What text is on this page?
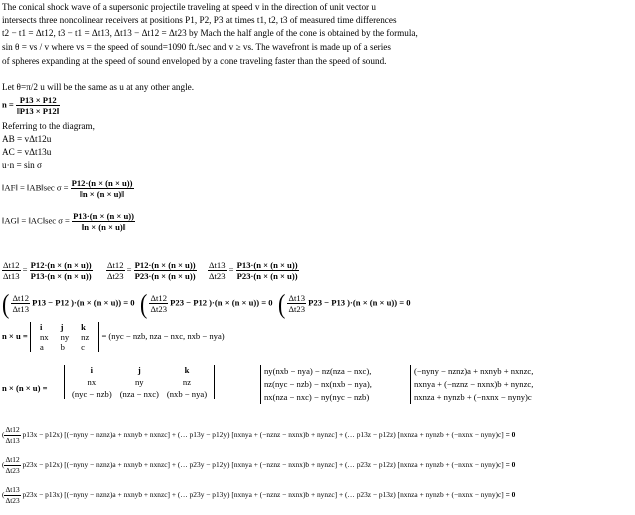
The conical shock wave of a supersonic projectile traveling at speed v in the direction of unit vector u
intersects three noncolinear receivers at positions P1, P2, P3 at times t1, t2, t3 of measured time differences
t2 − t1 = Δt12, t3 − t1 = Δt13, Δt13 − Δt12 = Δt23 by Mach the half angle of the cone is obtained by the formula,
sin θ = vs / v where vs = the speed of sound=1090 ft./sec and v ≥ vs. The wavefront is made up of a series
of spheres expanding at the speed of sound enveloped by a cone traveling faster than the speed of sound.
Let θ=π/2 u will be the same as u at any other angle.
$n = \frac{P13 \times P12}{‖P13 \times P12‖}$
Referring to the diagram,
AB = vΔt12u
AC = vΔt13u
u·n = sin σ
‖AF‖ = ‖AB‖sec $\sigma = \frac{P12\cdot(n \times (n \times u))}{‖n \times (n \times u)‖}$
‖AG‖ = ‖AC‖sec $\sigma = \frac{P13\cdot(n \times (n \times u))}{‖n \times (n \times u)‖}$
$\frac{\Delta t12}{\Delta t13} = \frac{P12\cdot(n \times (n \times u))}{P13\cdot(n \times (n \times u))} \frac{\Delta t12}{\Delta t23} = \frac{P12\cdot(n \times (n \times u))}{P23\cdot(n \times (n \times u))} \frac{\Delta t13}{\Delta t23} = \frac{P13\cdot(n \times (n \times u))}{P23\cdot(n \times (n \times u))}$
( $\frac{\Delta t12}{\Delta t13} P13 - P12$ )·(n × (n × u)) = 0 ( $\frac{\Delta t12}{\Delta t23} P23 - P12$ )·(n × (n × u)) = 0 ( $\frac{\Delta t13}{\Delta t23} P23 - P13$ )·(n × (n × u)) = 0
n × u =
i	j	k
nx	ny	nz
a	b	c
= (nyc − nzb, nza − nxc, nxb − nya)
n × (n × u) =
i	j	k
nx	ny	nz
(nyc − nzb)	(nza − nxc)	(nxb − nya)
ny(nxb − nya) − nz(nza − nxc),
nz(nyc − nzb) − nx(nxb − nya),
nx(nza − nxc) − ny(nyc − nzb)
(−nyny − nznz)a + nxnyb + nxnzc,
nxnya + (−nznz − nxnx)b + nynzc,
nxnza + nynzb + (−nxnx − nyny)c
( $\frac{\Delta t12}{\Delta t13} p13x - p12x$) [(−nyny − nznz)a + nxnyb + nxnzc] + (… p13y − p12y) [nxnya + (−nznz − nxnx)b + nynzc] + (… p13z − p12z) [nxnza + nynzb + (−nxnx − nyny)c] = 0
( $\frac{\Delta t12}{\Delta t23} p23x - p12x$) [(−nyny − nznz)a + nxnyb + nxnzc] + (… p23y − p12y) [nxnya + (−nznz − nxnx)b + nynzc] + (… p23z − p12z) [nxnza + nynzb + (−nxnx − nyny)c] = 0
( $\frac{\Delta t13}{\Delta t23} p23x - p13x$) [(−nyny − nznz)a + nxnyb + nxnzc] + (… p23y − p13y) [nxnya + (−nznz − nxnx)b + nynzc] + (… p23z − p13z) [nxnza + nynzb + (−nxnx − nyny)c] = 0
